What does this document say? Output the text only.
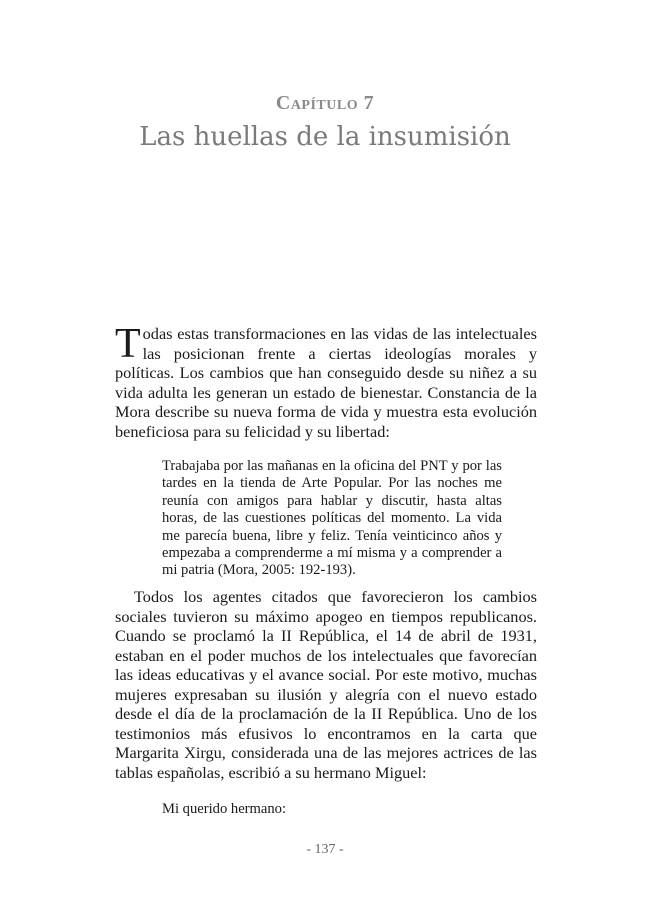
Capítulo 7
Las huellas de la insumisión

Todas estas transformaciones en las vidas de las intelectuales las posicionan frente a ciertas ideologías morales y políticas. Los cambios que han conseguido desde su niñez a su vida adulta les generan un estado de bienestar. Constancia de la Mora describe su nueva forma de vida y muestra esta evolución beneficiosa para su felicidad y su libertad:

Trabajaba por las mañanas en la oficina del PNT y por las tardes en la tienda de Arte Popular. Por las noches me reunía con amigos para hablar y discutir, hasta altas horas, de las cuestiones políticas del momento. La vida me parecía buena, libre y feliz. Tenía veinticinco años y empezaba a comprenderme a mí misma y a comprender a mi patria (Mora, 2005: 192-193).

Todos los agentes citados que favorecieron los cambios sociales tuvieron su máximo apogeo en tiempos republicanos. Cuando se proclamó la II República, el 14 de abril de 1931, estaban en el poder muchos de los intelectuales que favorecían las ideas educativas y el avance social. Por este motivo, muchas mujeres expresaban su ilusión y alegría con el nuevo estado desde el día de la proclamación de la II República. Uno de los testimonios más efusivos lo encontramos en la carta que Margarita Xirgu, considerada una de las mejores actrices de las tablas españolas, escribió a su hermano Miguel:

Mi querido hermano:
- 137 -
